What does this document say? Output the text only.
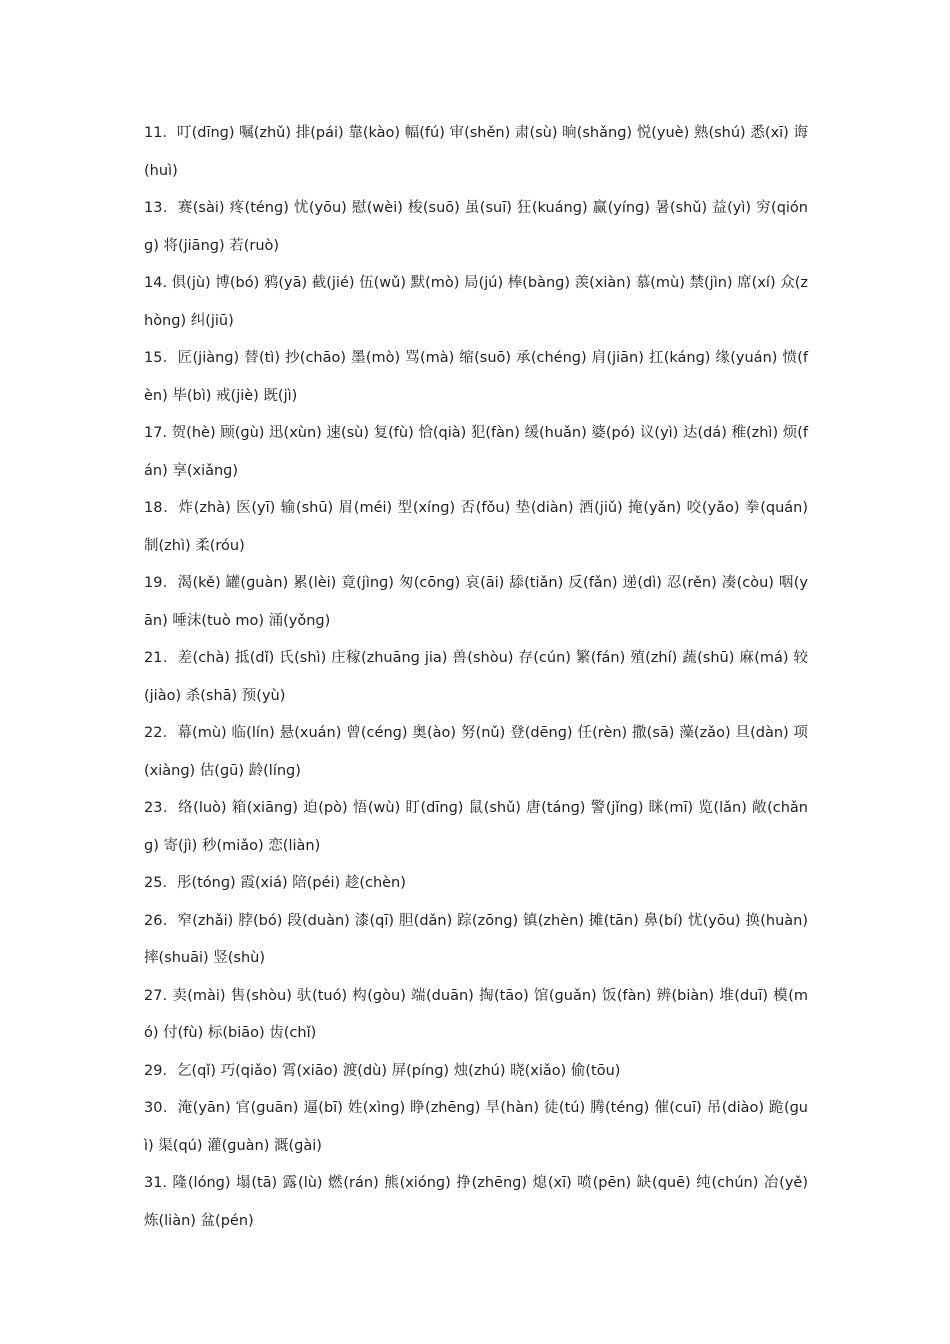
11．叮(dīnɡ) 嘱(zhǔ) 排(pái) 靠(kào) 幅(fú) 审(shěn) 肃(sù) 晌(shǎnɡ) 悦(yuè) 熟(shú) 悉(xī) 诲(huì)

13．赛(sài) 疼(ténɡ) 忧(yōu) 慰(wèi) 梭(suō) 虽(suī) 狂(kuánɡ) 赢(yínɡ) 暑(shǔ) 益(yì) 穷(qiónɡ) 将(jiānɡ) 若(ruò)

14. 俱(jù) 博(bó) 鸦(yā) 截(jié) 伍(wǔ) 默(mò) 局(jú) 棒(bànɡ) 羡(xiàn) 慕(mù) 禁(jìn) 席(xí) 众(zhònɡ) 纠(jiū)

15．匠(jiànɡ) 替(tì) 抄(chāo) 墨(mò) 骂(mà) 缩(suō) 承(chénɡ) 肩(jiān) 扛(kánɡ) 缘(yuán) 愤(fèn) 毕(bì) 戒(jiè) 既(jì)

17. 贺(hè) 顾(ɡù) 迅(xùn) 速(sù) 复(fù) 恰(qià) 犯(fàn) 缓(huǎn) 婆(pó) 议(yì) 达(dá) 稚(zhì) 烦(fán) 享(xiǎnɡ)

18．炸(zhà) 医(yī) 输(shū) 眉(méi) 型(xínɡ) 否(fǒu) 垫(diàn) 酒(jiǔ) 掩(yǎn) 咬(yǎo) 拳(quán) 制(zhì) 柔(róu)

19．渴(kě) 罐(ɡuàn) 累(lèi) 竟(jìnɡ) 匆(cōnɡ) 哀(āi) 舔(tiǎn) 反(fǎn) 递(dì) 忍(rěn) 凑(còu) 咽(yān) 唾沫(tuò mo) 涌(yǒnɡ)

21．差(chà) 抵(dǐ) 氏(shì) 庄稼(zhuānɡ jia) 兽(shòu) 存(cún) 繁(fán) 殖(zhí) 蔬(shū) 麻(má) 较(jiào) 杀(shā) 预(yù)

22．幕(mù) 临(lín) 悬(xuán) 曾(cénɡ) 奥(ào) 努(nǔ) 登(dēnɡ) 任(rèn) 撒(sā) 藻(zǎo) 旦(dàn) 项(xiànɡ) 估(ɡū) 龄(línɡ)

23．络(luò) 箱(xiānɡ) 迫(pò) 悟(wù) 盯(dīnɡ) 鼠(shǔ) 唐(tánɡ) 警(jǐnɡ) 眯(mī) 览(lǎn) 敞(chǎnɡ) 寄(jì) 秒(miǎo) 恋(liàn)

25．彤(tónɡ) 霞(xiá) 陪(péi) 趁(chèn)

26．窄(zhǎi) 脖(bó) 段(duàn) 漆(qī) 胆(dǎn) 踪(zōnɡ) 镇(zhèn) 摊(tān) 鼻(bí) 忧(yōu) 换(huàn) 摔(shuāi) 竖(shù)

27. 卖(mài) 售(shòu) 驮(tuó) 构(ɡòu) 端(duān) 掏(tāo) 馆(ɡuǎn) 饭(fàn) 辨(biàn) 堆(duī) 模(mó) 付(fù) 标(biāo) 齿(chǐ)

29．乞(qǐ) 巧(qiǎo) 霄(xiāo) 渡(dù) 屏(pínɡ) 烛(zhú) 晓(xiǎo) 偷(tōu)

30．淹(yān) 官(ɡuān) 逼(bī) 姓(xìnɡ) 睁(zhēnɡ) 旱(hàn) 徒(tú) 腾(ténɡ) 催(cuī) 吊(diào) 跪(ɡuì) 渠(qú) 灌(ɡuàn) 溉(ɡài)

31. 隆(lónɡ) 塌(tā) 露(lù) 燃(rán) 熊(xiónɡ) 挣(zhēnɡ) 熄(xī) 喷(pēn) 缺(quē) 纯(chún) 冶(yě) 炼(liàn) 盆(pén)
